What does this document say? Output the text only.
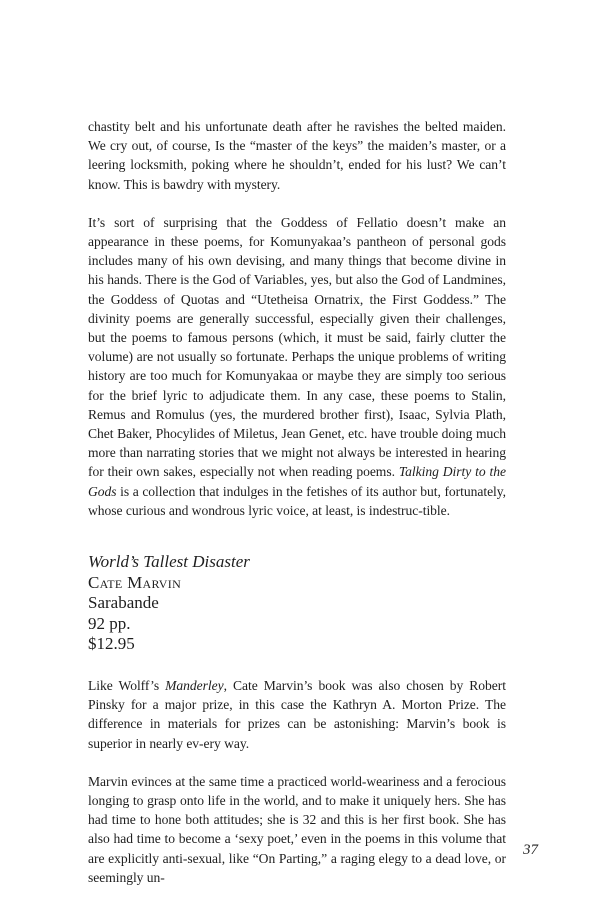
chastity belt and his unfortunate death after he ravishes the belted maiden. We cry out, of course, Is the “master of the keys” the maiden’s master, or a leering locksmith, poking where he shouldn’t, ended for his lust? We can’t know. This is bawdry with mystery.

It’s sort of surprising that the Goddess of Fellatio doesn’t make an appearance in these poems, for Komunyakaa’s pantheon of personal gods includes many of his own devising, and many things that become divine in his hands. There is the God of Variables, yes, but also the God of Landmines, the Goddess of Quotas and “Utetheisa Ornatrix, the First Goddess.” The divinity poems are generally successful, especially given their challenges, but the poems to famous persons (which, it must be said, fairly clutter the volume) are not usually so fortunate. Perhaps the unique problems of writing history are too much for Komunyakaa or maybe they are simply too serious for the brief lyric to adjudicate them. In any case, these poems to Stalin, Remus and Romulus (yes, the murdered brother first), Isaac, Sylvia Plath, Chet Baker, Phocylides of Miletus, Jean Genet, etc. have trouble doing much more than narrating stories that we might not always be interested in hearing for their own sakes, especially not when reading poems. Talking Dirty to the Gods is a collection that indulges in the fetishes of its author but, fortunately, whose curious and wondrous lyric voice, at least, is indestruc-tible.

World’s Tallest Disaster
Cate Marvin
Sarabande
92 pp.
$12.95

Like Wolff’s Manderley, Cate Marvin’s book was also chosen by Robert Pinsky for a major prize, in this case the Kathryn A. Morton Prize. The difference in materials for prizes can be astonishing: Marvin’s book is superior in nearly ev-ery way.

Marvin evinces at the same time a practiced world-weariness and a ferocious longing to grasp onto life in the world, and to make it uniquely hers. She has had time to hone both attitudes; she is 32 and this is her first book. She has also had time to become a ‘sexy poet,’ even in the poems in this volume that are explicitly anti-sexual, like “On Parting,” a raging elegy to a dead love, or seemingly un-

37
